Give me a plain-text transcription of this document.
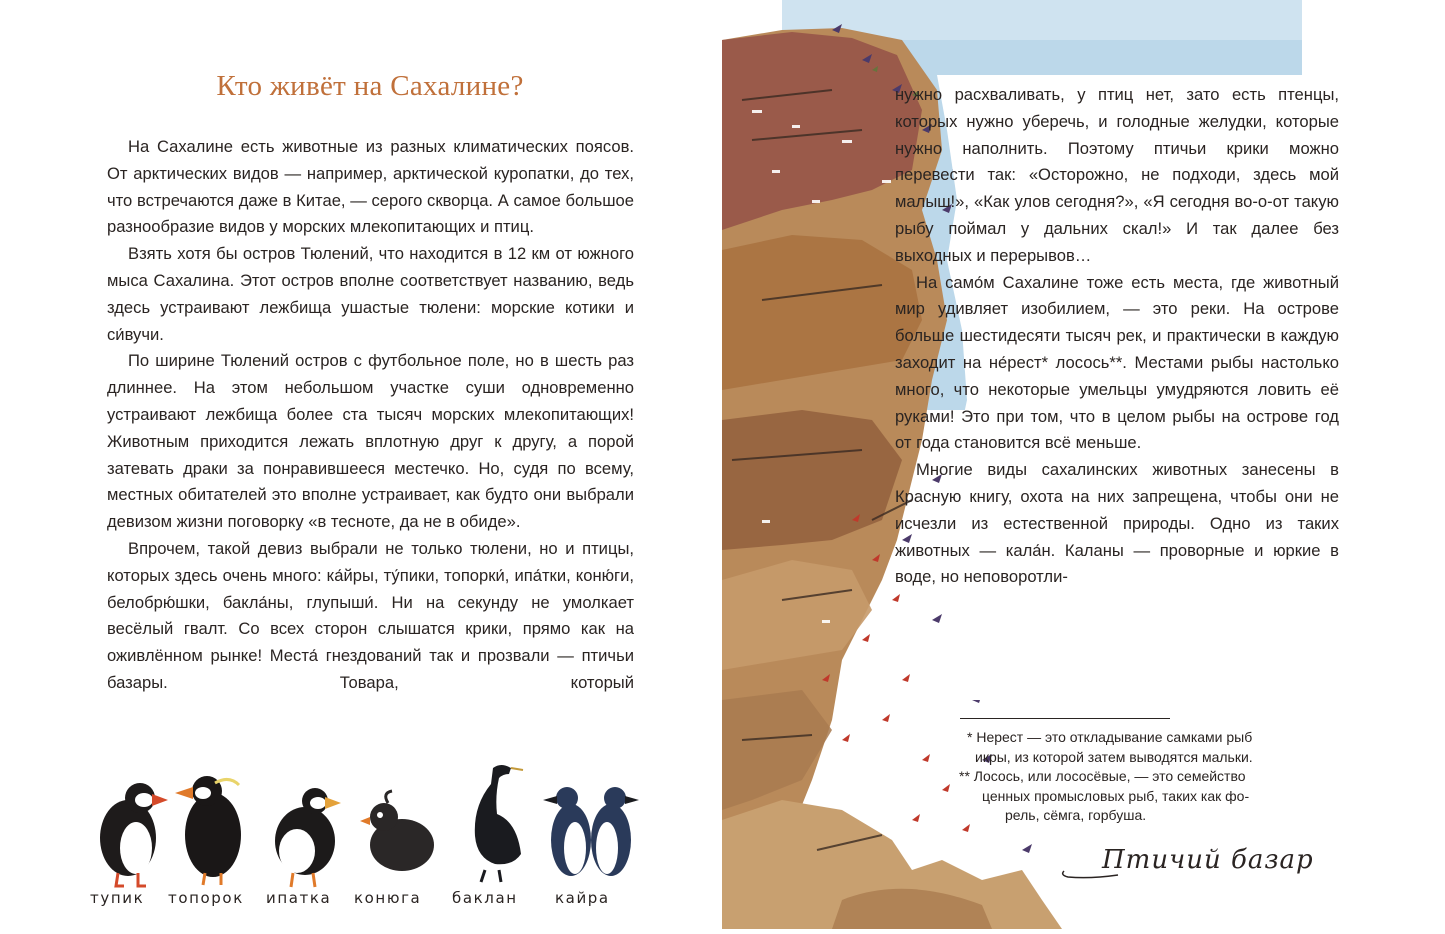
Кто живёт на Сахалине?

На Сахалине есть животные из разных климатических поясов. От арктических видов — например, арктической куропатки, до тех, что встречаются даже в Китае, — серого скворца. А самое большое разнообразие видов у морских млекопитающих и птиц.

Взять хотя бы остров Тюлений, что находится в 12 км от южного мыса Сахалина. Этот остров вполне соответствует названию, ведь здесь устраивают лежбища ушастые тюлени: морские котики и си́вучи.

По ширине Тюлений остров с футбольное поле, но в шесть раз длиннее. На этом небольшом участке суши одновременно устраивают лежбища более ста тысяч морских млекопитающих! Животным приходится лежать вплотную друг к другу, а порой затевать драки за понравившееся местечко. Но, судя по всему, местных обитателей это вполне устраивает, как будто они выбрали девизом жизни поговорку «в тесноте, да не в обиде».

Впрочем, такой девиз выбрали не только тюлени, но и птицы, которых здесь очень много: ка́йры, ту́пики, топорки́, ипа́тки, коню́ги, белобрю́шки, бакла́ны, глупыши́. Ни на секунду не умолкает весёлый гвалт. Со всех сторон слышатся крики, прямо как на оживлённом рынке! Места́ гнездований так и прозвали — птичьи базары. Товара, который

тупик топорок ипатка конюга баклан кайра

нужно расхваливать, у птиц нет, зато есть птенцы, которых нужно уберечь, и голодные желудки, которые нужно наполнить. Поэтому птичьи крики можно перевести так: «Осторожно, не подходи, здесь мой малыш!», «Как улов сегодня?», «Я сегодня во-о-от такую рыбу поймал у дальних скал!» И так далее без выходных и перерывов…

На само́м Сахалине тоже есть места, где животный мир удивляет изобилием, — это реки. На острове больше шестидесяти тысяч рек, и практически в каждую заходит на не́рест* лосось**. Местами рыбы настолько много, что некоторые умельцы умудряются ловить её руками! Это при том, что в целом рыбы на острове год от года становится всё меньше.

Многие виды сахалинских животных занесены в Красную книгу, охота на них запрещена, чтобы они не исчезли из естественной природы. Одно из таких животных — кала́н. Каланы — проворные и юркие в воде, но неповоротли-

* Нерест — это откладывание самками рыб
икры, из которой затем выводятся мальки.
** Лосось, или лососёвые, — это семейство
ценных промысловых рыб, таких как фо-
рель, сёмга, горбуша.
Птичий базар
